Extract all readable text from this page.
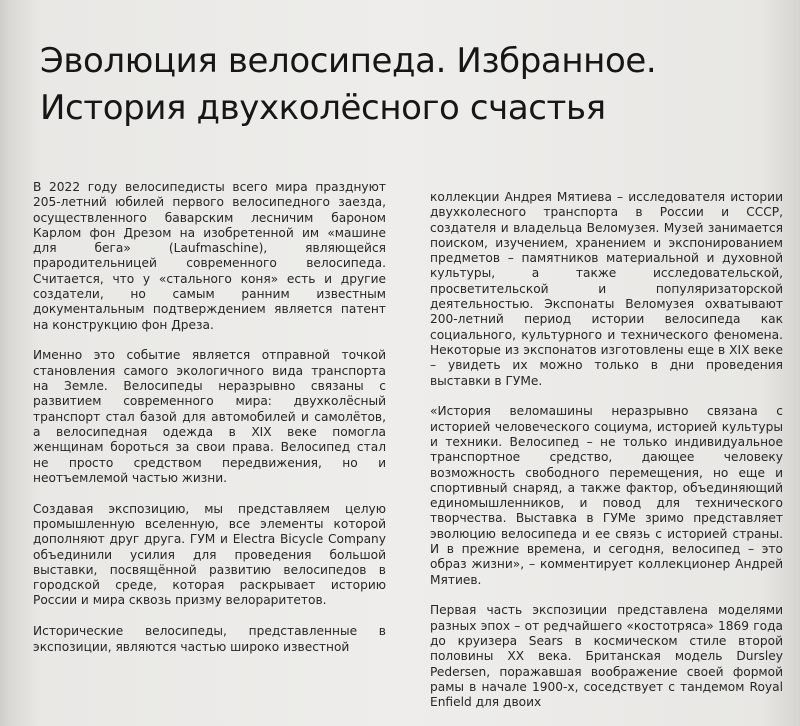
Эволюция велосипеда. Избранное.
История двухколёсного счастья

В 2022 году велосипедисты всего мира празднуют 205-летний юбилей первого велосипедного заезда, осуществленного баварским лесничим бароном Карлом фон Дрезом на изобретенной им «машине для бега» (Laufmaschine), являющейся прародительницей современного велосипеда. Считается, что у «стального коня» есть и другие создатели, но самым ранним известным документальным подтверждением является патент на конструкцию фон Дреза.

Именно это событие является отправной точкой становления самого экологичного вида транспорта на Земле. Велосипеды неразрывно связаны с развитием современного мира: двухколёсный транспорт стал базой для автомобилей и самолётов, а велосипедная одежда в XIX веке помогла женщинам бороться за свои права. Велосипед стал не просто средством передвижения, но и неотъемлемой частью жизни.

Создавая экспозицию, мы представляем целую промышленную вселенную, все элементы которой дополняют друг друга. ГУМ и Electra Bicycle Company объединили усилия для проведения большой выставки, посвящённой развитию велосипедов в городской среде, которая раскрывает историю России и мира сквозь призму велораритетов.

Исторические велосипеды, представленные в экспозиции, являются частью широко известной

коллекции Андрея Мятиева – исследователя истории двухколесного транспорта в России и СССР, создателя и владельца Веломузея. Музей занимается поиском, изучением, хранением и экспонированием предметов – памятников материальной и духовной культуры, а также исследовательской, просветительской и популяризаторской деятельностью. Экспонаты Веломузея охватывают 200-летний период истории велосипеда как социального, культурного и технического феномена. Некоторые из экспонатов изготовлены еще в XIX веке – увидеть их можно только в дни проведения выставки в ГУМе.

«История веломашины неразрывно связана с историей человеческого социума, историей культуры и техники. Велосипед – не только индивидуальное транспортное средство, дающее человеку возможность свободного перемещения, но еще и спортивный снаряд, а также фактор, объединяющий единомышленников, и повод для технического творчества. Выставка в ГУМе зримо представляет эволюцию велосипеда и ее связь с историей страны. И в прежние времена, и сегодня, велосипед – это образ жизни», – комментирует коллекционер Андрей Мятиев.

Первая часть экспозиции представлена моделями разных эпох – от редчайшего «костотряса» 1869 года до круизера Sears в космическом стиле второй половины XX века. Британская модель Dursley Pedersen, поражавшая воображение своей формой рамы в начале 1900-х, соседствует с тандемом Royal Enfield для двоих
